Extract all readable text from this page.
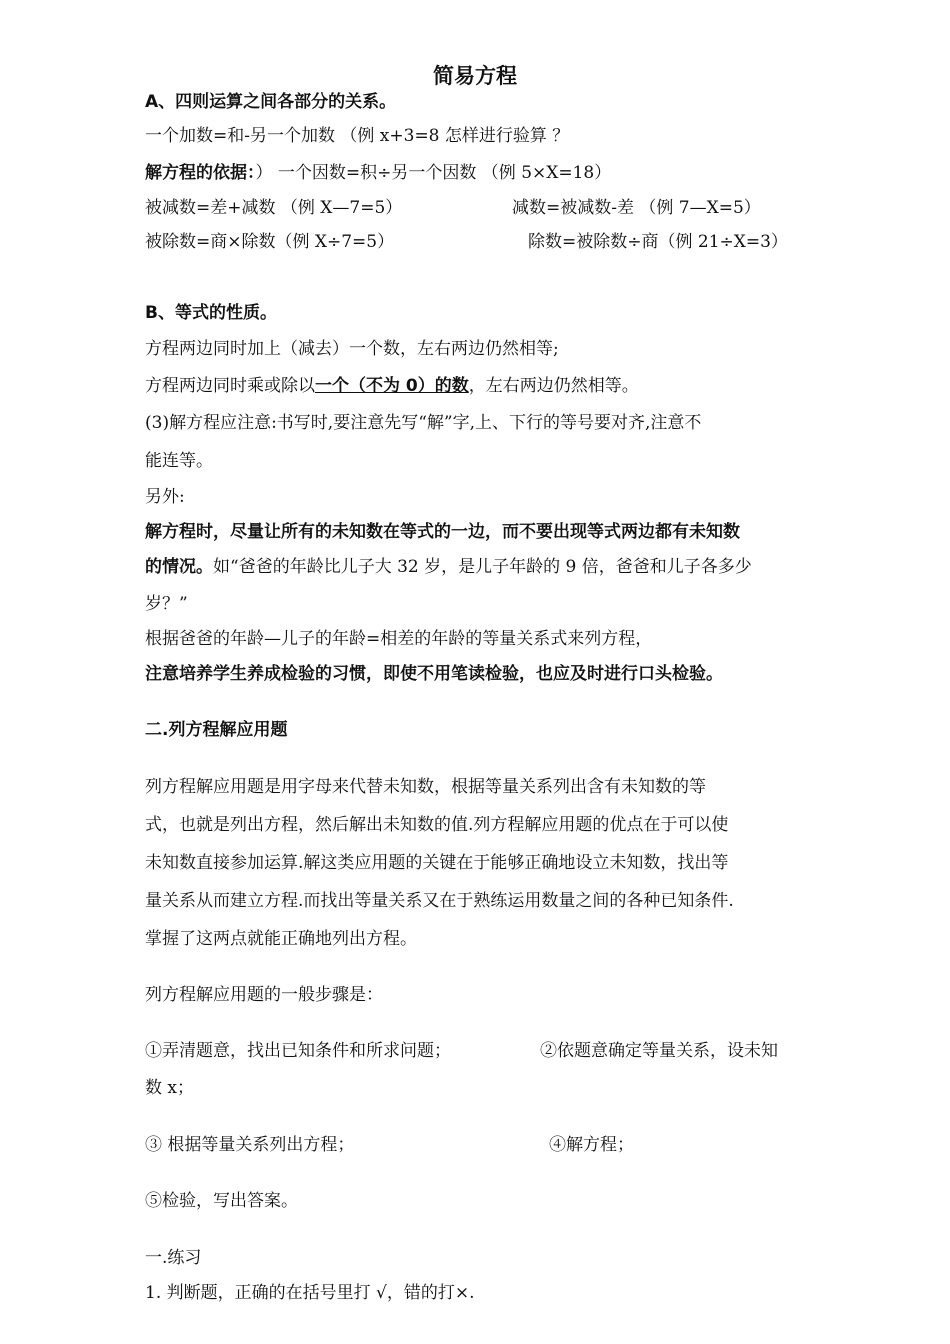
简易方程
A、四则运算之间各部分的关系。
一个加数=和-另一个加数 （例 x+3=8 怎样进行验算 ？
解方程的依据：） 一个因数=积÷另一个因数 （例 5×X=18）
被减数=差+减数 （例 X—7=5）	减数=被减数-差 （例 7—X=5）
被除数=商×除数（例 X÷7=5）	除数=被除数÷商（例 21÷X=3）
B、等式的性质。
方程两边同时加上（减去）一个数，左右两边仍然相等;
方程两边同时乘或除以一个（不为 0）的数，左右两边仍然相等。
(3)解方程应注意:书写时,要注意先写“解”字,上、下行的等号要对齐,注意不
能连等。
另外:
解方程时，尽量让所有的未知数在等式的一边，而不要出现等式两边都有未知数
的情况。如“爸爸的年龄比儿子大 32 岁，是儿子年龄的 9 倍，爸爸和儿子各多少
岁？”
根据爸爸的年龄—儿子的年龄=相差的年龄的等量关系式来列方程，
注意培养学生养成检验的习惯，即使不用笔读检验，也应及时进行口头检验。
二.列方程解应用题
列方程解应用题是用字母来代替未知数，根据等量关系列出含有未知数的等
式，也就是列出方程，然后解出未知数的值.列方程解应用题的优点在于可以使
未知数直接参加运算.解这类应用题的关键在于能够正确地设立未知数，找出等
量关系从而建立方程.而找出等量关系又在于熟练运用数量之间的各种已知条件.
掌握了这两点就能正确地列出方程。
列方程解应用题的一般步骤是：
①弄清题意，找出已知条件和所求问题；	②依题意确定等量关系，设未知
数 x；
③ 根据等量关系列出方程；	④解方程；
⑤检验，写出答案。
一.练习
1. 判断题，正确的在括号里打 √，错的打×.
